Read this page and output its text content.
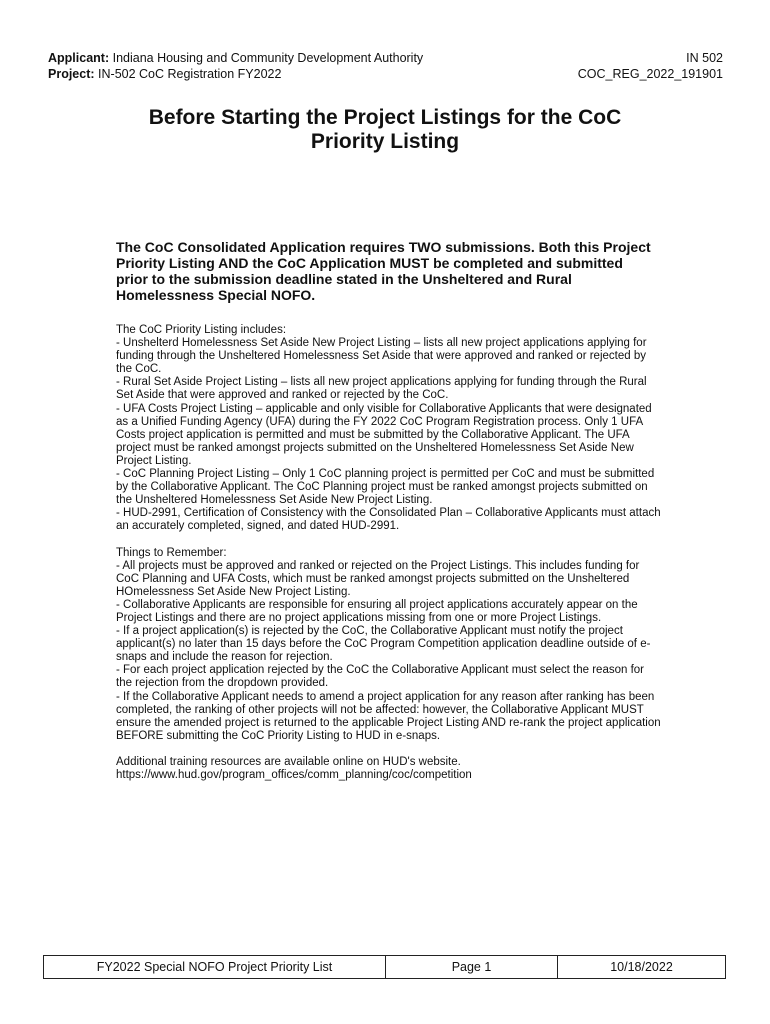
Applicant: Indiana Housing and Community Development Authority
Project: IN-502 CoC Registration FY2022
IN 502
COC_REG_2022_191901
Before Starting the Project Listings for the CoC
Priority Listing
The CoC Consolidated Application requires TWO submissions. Both this Project Priority Listing AND the CoC Application MUST be completed and submitted prior to the submission deadline stated in the Unsheltered and Rural Homelessness Special NOFO.

The CoC Priority Listing includes:

- Unshelterd Homelessness Set Aside New Project Listing – lists all new project applications applying for funding through the Unsheltered Homelessness Set Aside that were approved and ranked or rejected by the CoC.

- Rural Set Aside Project Listing – lists all new project applications applying for funding through the Rural Set Aside that were approved and ranked or rejected by the CoC.

- UFA Costs Project Listing – applicable and only visible for Collaborative Applicants that were designated as a Unified Funding Agency (UFA) during the FY 2022 CoC Program Registration process. Only 1 UFA Costs project application is permitted and must be submitted by the Collaborative Applicant. The UFA project must be ranked amongst projects submitted on the Unsheltered Homelessness Set Aside New Project Listing.

- CoC Planning Project Listing – Only 1 CoC planning project is permitted per CoC and must be submitted by the Collaborative Applicant. The CoC Planning project must be ranked amongst projects submitted on the Unsheltered Homelessness Set Aside New Project Listing.

- HUD-2991, Certification of Consistency with the Consolidated Plan – Collaborative Applicants must attach an accurately completed, signed, and dated HUD-2991.

Things to Remember:

- All projects must be approved and ranked or rejected on the Project Listings. This includes funding for CoC Planning and UFA Costs, which must be ranked amongst projects submitted on the Unsheltered HOmelessness Set Aside New Project Listing.

- Collaborative Applicants are responsible for ensuring all project applications accurately appear on the Project Listings and there are no project applications missing from one or more Project Listings.

- If a project application(s) is rejected by the CoC, the Collaborative Applicant must notify the project applicant(s) no later than 15 days before the CoC Program Competition application deadline outside of e-snaps and include the reason for rejection.

- For each project application rejected by the CoC the Collaborative Applicant must select the reason for the rejection from the dropdown provided.

- If the Collaborative Applicant needs to amend a project application for any reason after ranking has been completed, the ranking of other projects will not be affected: however, the Collaborative Applicant MUST ensure the amended project is returned to the applicable Project Listing AND re-rank the project application BEFORE submitting the CoC Priority Listing to HUD in e-snaps.

Additional training resources are available online on HUD's website.

https://www.hud.gov/program_offices/comm_planning/coc/competition

FY2022 Special NOFO Project Priority List	Page 1	10/18/2022
